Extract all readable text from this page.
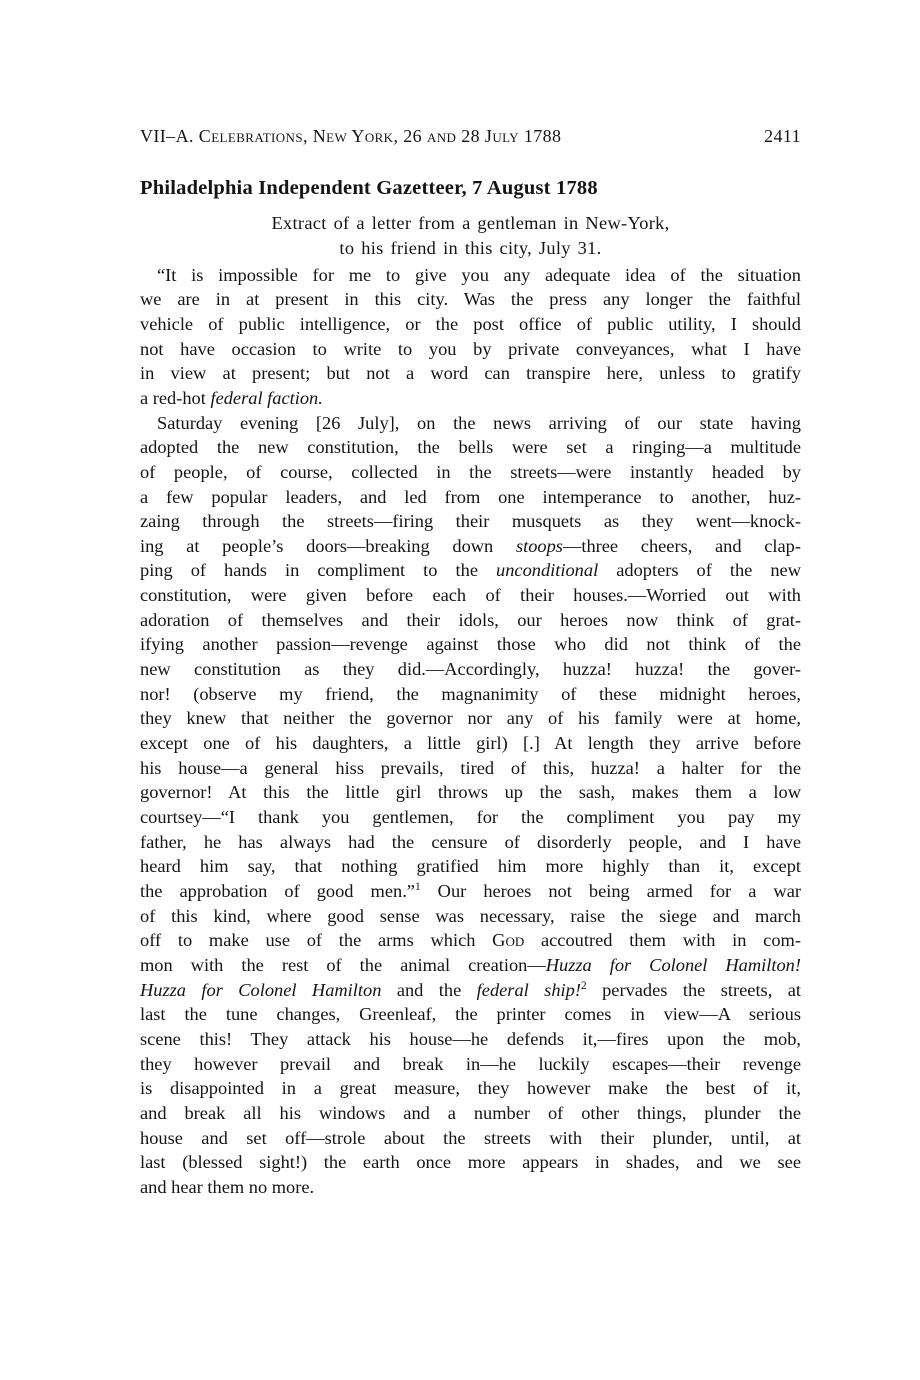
VII–A. Celebrations, New York, 26 and 28 July 1788	2411
Philadelphia Independent Gazetteer, 7 August 1788
Extract of a letter from a gentleman in New-York,
to his friend in this city, July 31.
“It is impossible for me to give you any adequate idea of the situation
we are in at present in this city. Was the press any longer the faithful
vehicle of public intelligence, or the post office of public utility, I should
not have occasion to write to you by private conveyances, what I have
in view at present; but not a word can transpire here, unless to gratify
a red-hot federal faction.
Saturday evening [26 July], on the news arriving of our state having
adopted the new constitution, the bells were set a ringing—a multitude
of people, of course, collected in the streets—were instantly headed by
a few popular leaders, and led from one intemperance to another, huz-
zaing through the streets—firing their musquets as they went—knock-
ing at people’s doors—breaking down stoops—three cheers, and clap-
ping of hands in compliment to the unconditional adopters of the new
constitution, were given before each of their houses.—Worried out with
adoration of themselves and their idols, our heroes now think of grat-
ifying another passion—revenge against those who did not think of the
new constitution as they did.—Accordingly, huzza! huzza! the gover-
nor! (observe my friend, the magnanimity of these midnight heroes,
they knew that neither the governor nor any of his family were at home,
except one of his daughters, a little girl) [.] At length they arrive before
his house—a general hiss prevails, tired of this, huzza! a halter for the
governor! At this the little girl throws up the sash, makes them a low
courtsey—“I thank you gentlemen, for the compliment you pay my
father, he has always had the censure of disorderly people, and I have
heard him say, that nothing gratified him more highly than it, except
the approbation of good men.”$^1$ Our heroes not being armed for a war
of this kind, where good sense was necessary, raise the siege and march
off to make use of the arms which God accoutred them with in com-
mon with the rest of the animal creation—Huzza for Colonel Hamilton!
Huzza for Colonel Hamilton and the federal ship!$^2$ pervades the streets, at
last the tune changes, Greenleaf, the printer comes in view—A serious
scene this! They attack his house—he defends it,—fires upon the mob,
they however prevail and break in—he luckily escapes—their revenge
is disappointed in a great measure, they however make the best of it,
and break all his windows and a number of other things, plunder the
house and set off—strole about the streets with their plunder, until, at
last (blessed sight!) the earth once more appears in shades, and we see
and hear them no more.
